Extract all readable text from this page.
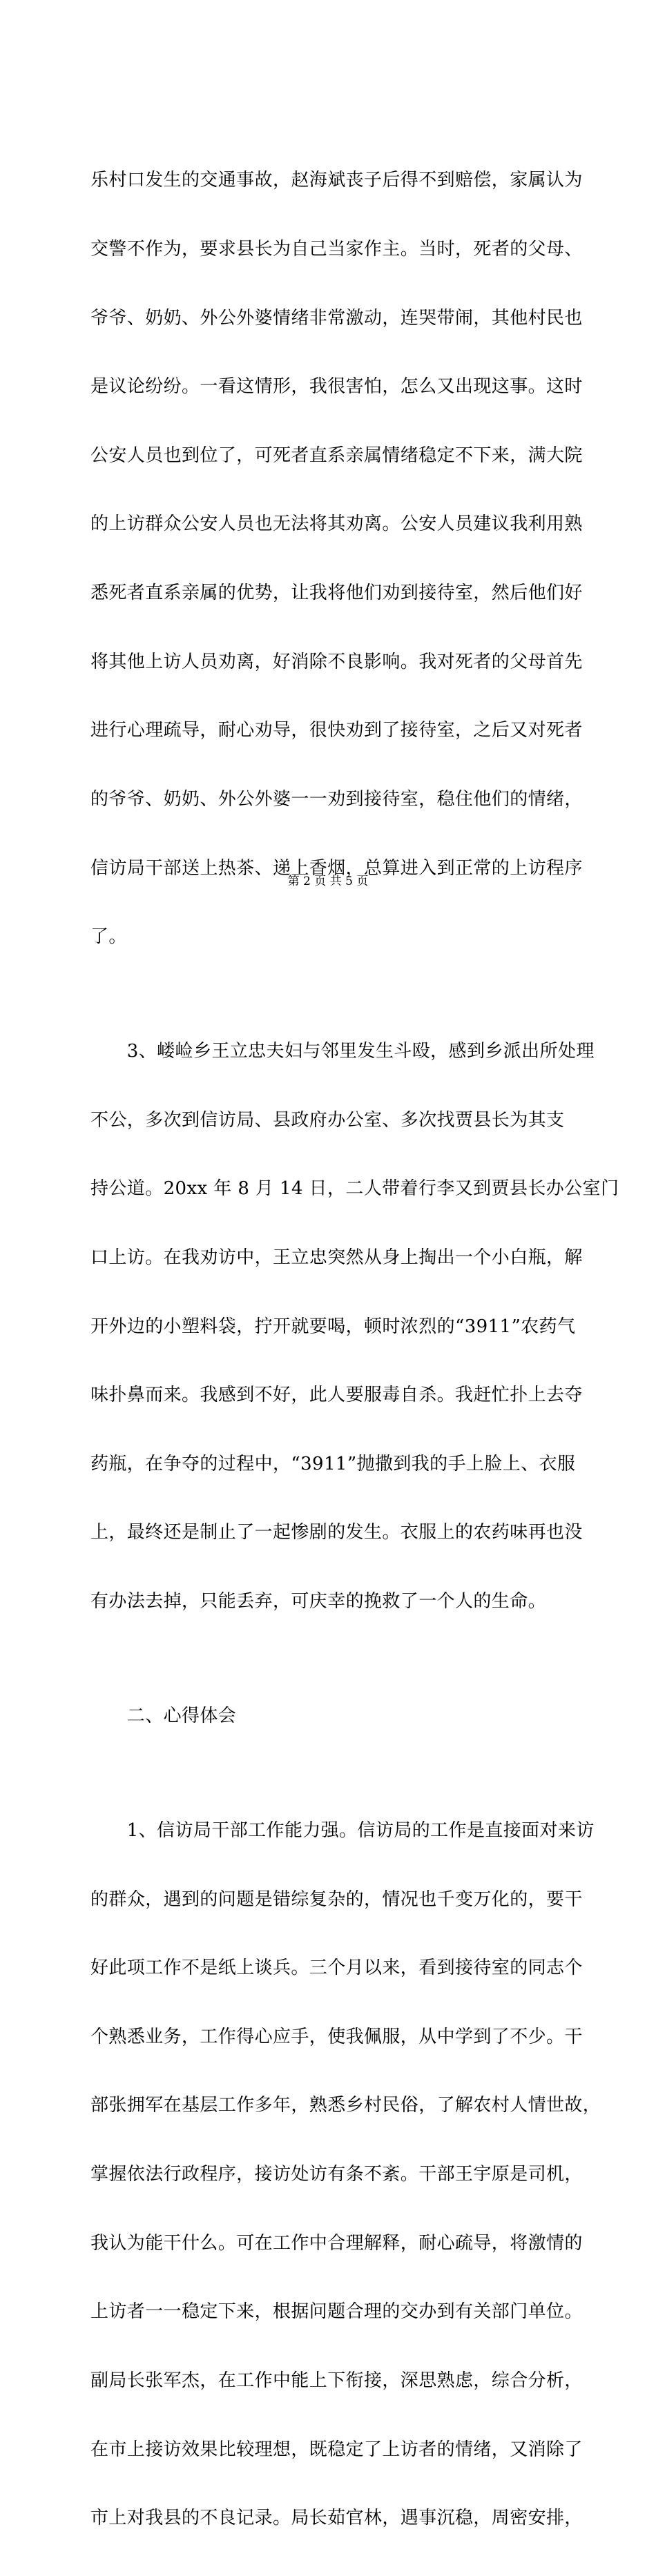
乐村口发生的交通事故，赵海斌丧子后得不到赔偿，家属认为

交警不作为，要求县长为自己当家作主。当时，死者的父母、

爷爷、奶奶、外公外婆情绪非常激动，连哭带闹，其他村民也

是议论纷纷。一看这情形，我很害怕，怎么又出现这事。这时

公安人员也到位了，可死者直系亲属情绪稳定不下来，满大院

的上访群众公安人员也无法将其劝离。公安人员建议我利用熟

悉死者直系亲属的优势，让我将他们劝到接待室，然后他们好

将其他上访人员劝离，好消除不良影响。我对死者的父母首先

进行心理疏导，耐心劝导，很快劝到了接待室，之后又对死者

的爷爷、奶奶、外公外婆一一劝到接待室，稳住他们的情绪，

信访局干部送上热茶、递上香烟，总算进入到正常的上访程序

了。

　　3、嵝崄乡王立忠夫妇与邻里发生斗殴，感到乡派出所处理

不公，多次到信访局、县政府办公室、多次找贾县长为其支

持公道。20xx 年 8 月 14 日，二人带着行李又到贾县长办公室门

口上访。在我劝访中，王立忠突然从身上掏出一个小白瓶，解

开外边的小塑料袋，拧开就要喝，顿时浓烈的“3911”农药气

味扑鼻而来。我感到不好，此人要服毒自杀。我赶忙扑上去夺

药瓶，在争夺的过程中，“3911”抛撒到我的手上脸上、衣服

上，最终还是制止了一起惨剧的发生。衣服上的农药味再也没

有办法去掉，只能丢弃，可庆幸的挽救了一个人的生命。

　　二、心得体会

　　1、信访局干部工作能力强。信访局的工作是直接面对来访

的群众，遇到的问题是错综复杂的，情况也千变万化的，要干

好此项工作不是纸上谈兵。三个月以来，看到接待室的同志个

个熟悉业务，工作得心应手，使我佩服，从中学到了不少。干

部张拥军在基层工作多年，熟悉乡村民俗，了解农村人情世故，

掌握依法行政程序，接访处访有条不紊。干部王宇原是司机，

我认为能干什么。可在工作中合理解释，耐心疏导，将激情的

上访者一一稳定下来，根据问题合理的交办到有关部门单位。

副局长张军杰，在工作中能上下衔接，深思熟虑，综合分析，

在市上接访效果比较理想，既稳定了上访者的情绪，又消除了

市上对我县的不良记录。局长茹官林，遇事沉稳，周密安排，

第 2 页 共 5 页
